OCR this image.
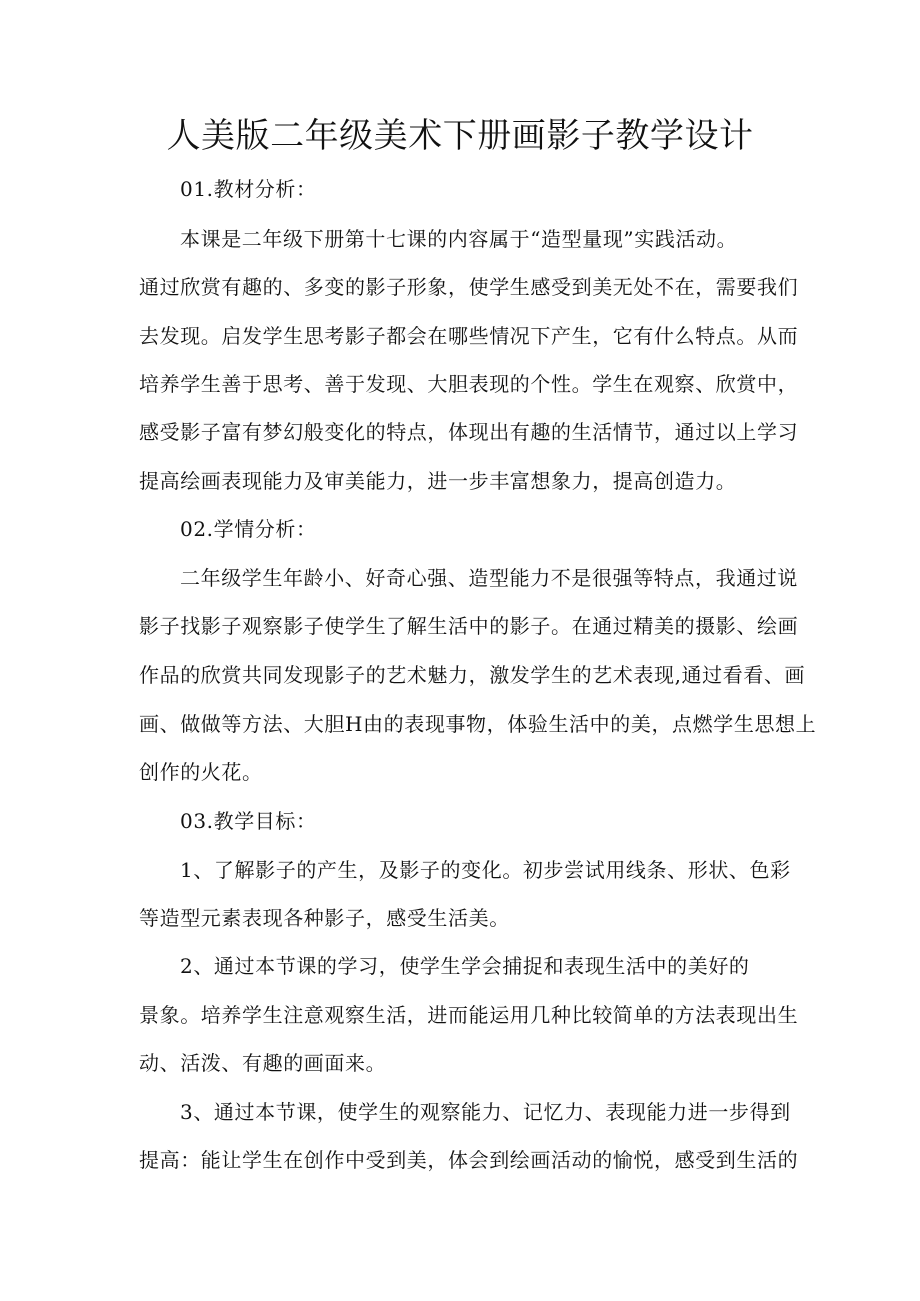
人美版二年级美术下册画影子教学设计
01.教材分析：
本课是二年级下册第十七课的内容属于“造型量现”实践活动。
通过欣赏有趣的、多变的影子形象，使学生感受到美无处不在，需要我们
去发现。启发学生思考影子都会在哪些情况下产生，它有什么特点。从而
培养学生善于思考、善于发现、大胆表现的个性。学生在观察、欣赏中，
感受影子富有梦幻般变化的特点，体现出有趣的生活情节，通过以上学习
提高绘画表现能力及审美能力，进一步丰富想象力，提高创造力。
02.学情分析：
二年级学生年龄小、好奇心强、造型能力不是很强等特点，我通过说
影子找影子观察影子使学生了解生活中的影子。在通过精美的摄影、绘画
作品的欣赏共同发现影子的艺术魅力，激发学生的艺术表现,通过看看、画
画、做做等方法、大胆H由的表现事物，体验生活中的美，点燃学生思想上
创作的火花。
03.教学目标：
1、了解影子的产生，及影子的变化。初步尝试用线条、形状、色彩
等造型元素表现各种影子，感受生活美。
2、通过本节课的学习，使学生学会捕捉和表现生活中的美好的
景象。培养学生注意观察生活，进而能运用几种比较简单的方法表现出生
动、活泼、有趣的画面来。
3、通过本节课，使学生的观察能力、记忆力、表现能力进一步得到
提高：能让学生在创作中受到美，体会到绘画活动的愉悦，感受到生活的
